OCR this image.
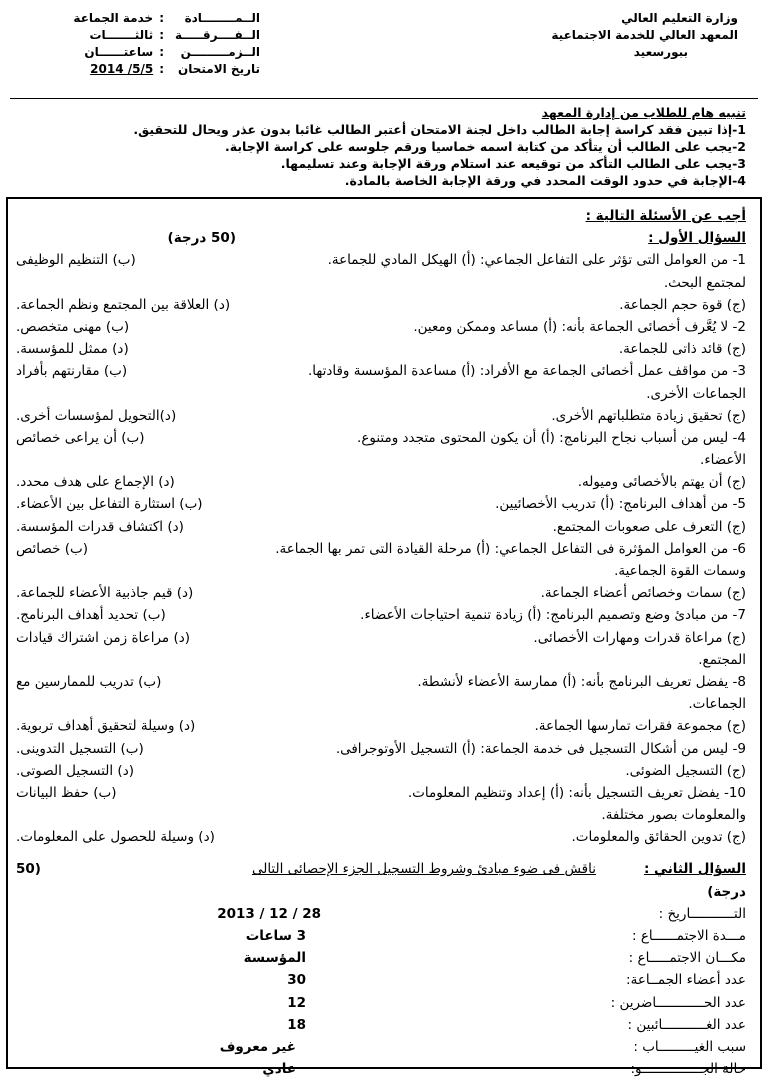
وزارة التعليم العالي
المعهد العالي للخدمة الاجتماعية
ببورسعيد
الــمــــــــادة
:
خدمة الجماعة
الــفــــرقـــــة
:
ثالثـــــــات
الــزمـــــــــن
:
ساعتــــــان
تاريخ الامتحان
:
2014 /5/5
تنبيه هام للطلاب من إدارة المعهد
1-إذا تبين فقد كراسة إجابة الطالب داخل لجنة الامتحان أعتبر الطالب غائبا بدون عذر ويحال للتحقيق.
2-يجب على الطالب أن يتأكد من كتابة اسمه خماسيا ورقم جلوسه على كراسة الإجابة.
3-يجب على الطالب التأكد من توقيعه عند استلام ورقة الإجابة وعند تسليمها.
4-الإجابة في حدود الوقت المحدد في ورقة الإجابة الخاصة بالمادة.
أجب عن الأسئلة التالية :
السؤال الأول :
(50 درجة)
1- من العوامل التى تؤثر على التفاعل الجماعي: (أ) الهيكل المادي للجماعة.
(ب) التنظيم الوظيفى
لمجتمع البحث.
(ج) قوة حجم الجماعة.
(د) العلاقة بين المجتمع ونظم الجماعة.
2- لا يُعَّرف أخصائى الجماعة بأنه: (أ) مساعد وممكن ومعين.
(ب) مهنى متخصص.
(ج) قائد ذاتى للجماعة.
(د) ممثل للمؤسسة.
3- من مواقف عمل أخصائى الجماعة مع الأفراد: (أ) مساعدة المؤسسة وقادتها.
(ب) مقارنتهم بأفراد
الجماعات الأخرى.
(ج) تحقيق زيادة متطلباتهم الأخرى.
(د)التحويل لمؤسسات أخرى.
4- ليس من أسباب نجاح البرنامج: (أ) أن يكون المحتوى متجدد ومتنوع.
(ب) أن يراعى خصائص
الأعضاء.
(ج) أن يهتم بالأخصائى وميوله.
(د) الإجماع على هدف محدد.
5- من أهداف البرنامج: (أ) تدريب الأخصائيين.
(ب) استثارة التفاعل بين الأعضاء.
(ج) التعرف على صعوبات المجتمع.
(د) اكتشاف قدرات المؤسسة.
6- من العوامل المؤثرة فى التفاعل الجماعي: (أ) مرحلة القيادة التى تمر بها الجماعة.
(ب) خصائص
وسمات القوة الجماعية.
(ج) سمات وخصائص أعضاء الجماعة.
(د) قيم جاذبية الأعضاء للجماعة.
7- من مبادئ وضع وتصميم البرنامج: (أ) زيادة تنمية احتياجات الأعضاء.
(ب) تحديد أهداف البرنامج.
(ج) مراعاة قدرات ومهارات الأخصائى.
(د) مراعاة زمن اشتراك قيادات
المجتمع.
8- يفضل تعريف البرنامج بأنه: (أ) ممارسة الأعضاء لأنشطة.
(ب) تدريب للممارسين مع
الجماعات.
(ج) مجموعة فقرات تمارسها الجماعة.
(د) وسيلة لتحقيق أهداف تربوية.
9- ليس من أشكال التسجيل فى خدمة الجماعة: (أ) التسجيل الأوتوجرافى.
(ب) التسجيل التدوينى.
(ج) التسجيل الضوئى.
(د) التسجيل الصوتى.
10- يفضل تعريف التسجيل بأنه: (أ) إعداد وتنظيم المعلومات.
(ب) حفظ البيانات
والمعلومات بصور مختلفة.
(ج) تدوين الحقائق والمعلومات.
(د) وسيلة للحصول على المعلومات.
السؤال الثاني :
ناقش فى ضوء مبادئ وشروط التسجيل الجزء الإحصائى التالى
(50
درجة)
التـــــــــــاريخ :
2013 / 12 / 28
مـــدة الاجتمــــــاع :
3 ساعات
مكـــان الاجتمـــــاع :
المؤسسة
عدد أعضاء الجمــاعة:
30
عدد الحــــــــــــاضرين :
12
عدد الغـــــــــــائبين :
18
سبب الغيـــــــــاب :
غير معروف
حالة الجـــــــــــــــو:
عادي
